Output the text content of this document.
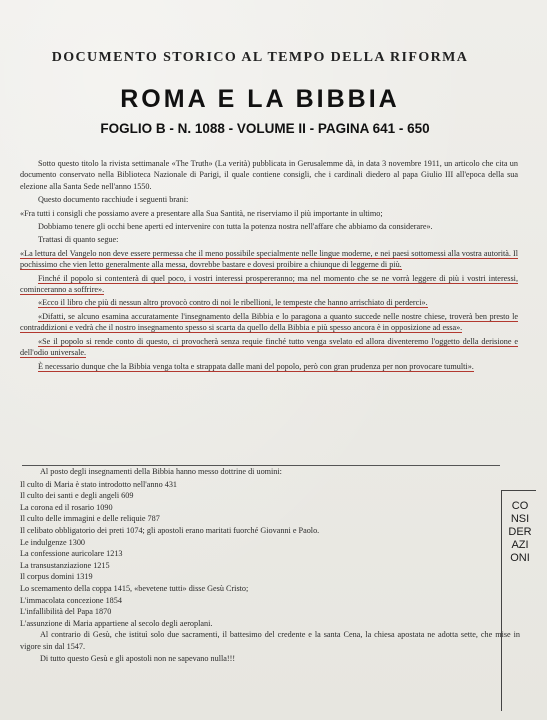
DOCUMENTO STORICO AL TEMPO DELLA RIFORMA
ROMA E LA BIBBIA
FOGLIO B - N. 1088 - VOLUME II - PAGINA 641 - 650

Sotto questo titolo la rivista settimanale «The Truth» (La verità) pubblicata in Gerusalemme dà, in data 3 novembre 1911, un articolo che cita un documento conservato nella Biblioteca Nazionale di Parigi, il quale contiene consigli, che i cardinali diedero al papa Giulio III all'epoca della sua elezione alla Santa Sede nell'anno 1550.

Questo documento racchiude i seguenti brani:

«Fra tutti i consigli che possiamo avere a presentare alla Sua Santità, ne riserviamo il più importante in ultimo;

Dobbiamo tenere gli occhi bene aperti ed intervenire con tutta la potenza nostra nell'affare che abbiamo da considerare».

Trattasi di quanto segue:

«La lettura del Vangelo non deve essere permessa che il meno possibile specialmente nelle lingue moderne, e nei paesi sottomessi alla vostra autorità. Il pochissimo che vien letto generalmente alla messa, dovrebbe bastare e dovesi proibire a chiunque di leggerne di più.

Finché il popolo si contenterà di quel poco, i vostri interessi prospereranno; ma nel momento che se ne vorrà leggere di più i vostri interessi, cominceranno a soffrire».

«Ecco il libro che più di nessun altro provocò contro di noi le ribellioni, le tempeste che hanno arrischiato di perderci».

«Difatti, se alcuno esamina accuratamente l'insegnamento della Bibbia e lo paragona a quanto succede nelle nostre chiese, troverà ben presto le contraddizioni e vedrà che il nostro insegnamento spesso si scarta da quello della Bibbia e più spesso ancora è in opposizione ad essa».

«Se il popolo si rende conto di questo, ci provocherà senza requie finché tutto venga svelato ed allora diventeremo l'oggetto della derisione e dell'odio universale.

È necessario dunque che la Bibbia venga tolta e strappata dalle mani del popolo, però con gran prudenza per non provocare tumulti».

Al posto degli insegnamenti della Bibbia hanno messo dottrine di uomini:

Il culto di Maria è stato introdotto nell'anno 431

Il culto dei santi e degli angeli 609

La corona ed il rosario 1090

Il culto delle immagini e delle reliquie 787

Il celibato obbligatorio dei preti 1074; gli apostoli erano maritati fuorché Giovanni e Paolo.

Le indulgenze 1300

La confessione auricolare 1213

La transustanziazione 1215

Il corpus domini 1319

Lo scemamento della coppa 1415, «bevetene tutti» disse Gesù Cristo;

L'immacolata concezione 1854

L'infallibilità del Papa 1870

L'assunzione di Maria appartiene al secolo degli aeroplani.

Al contrario di Gesù, che istituì solo due sacramenti, il battesimo del credente e la santa Cena, la chiesa apostata ne adotta sette, che mise in vigore sin dal 1547.

Di tutto questo Gesù e gli apostoli non ne sapevano nulla!!!

CONSIDERAZIONI
